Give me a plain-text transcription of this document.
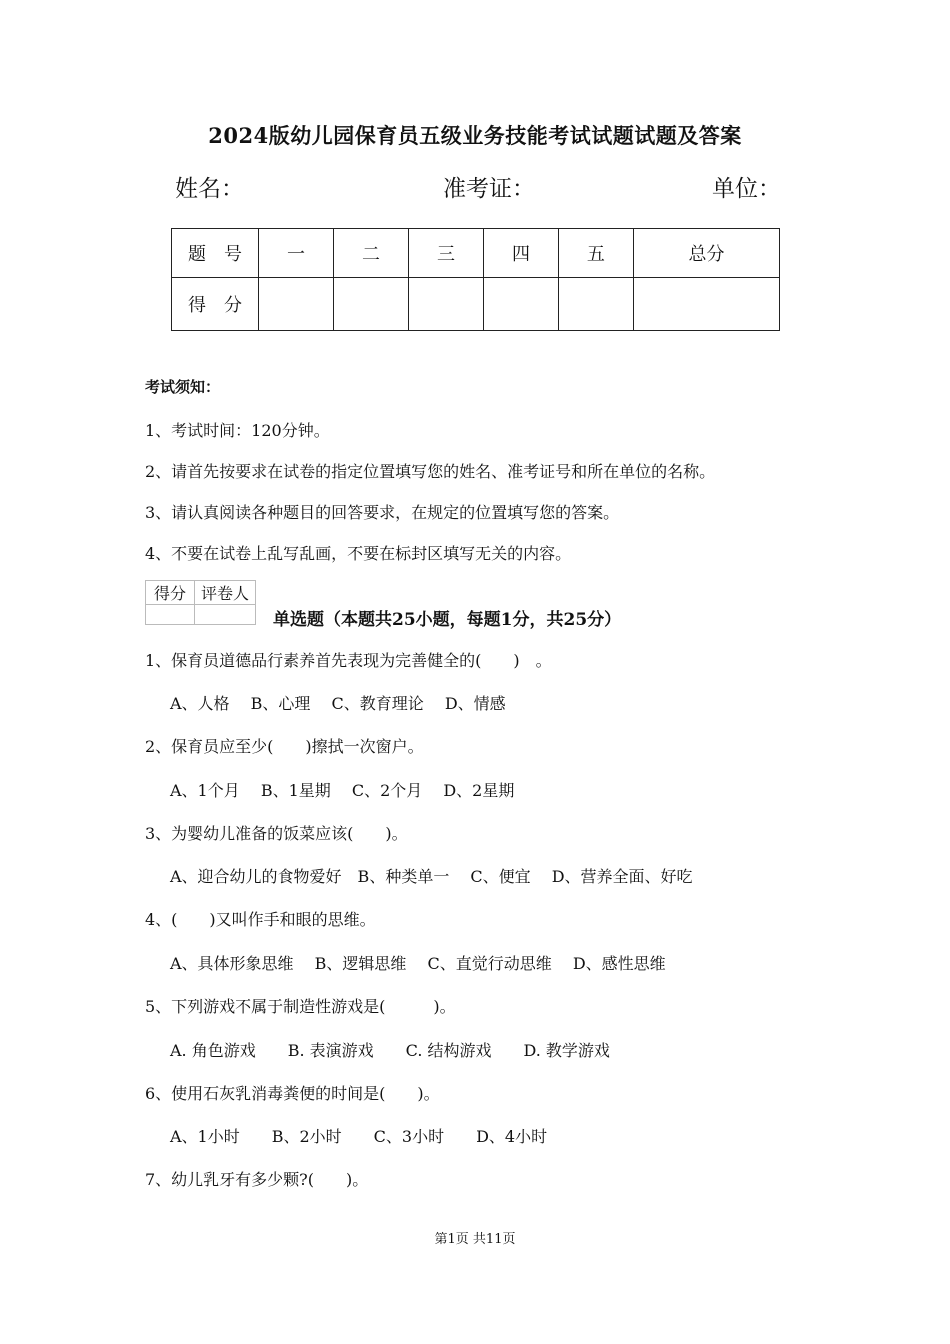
2024版幼儿园保育员五级业务技能考试试题试题及答案
姓名：	准考证：	单位：
题　号	一	二	三	四	五	总分
得　分						
考试须知：
1、考试时间：120分钟。
2、请首先按要求在试卷的指定位置填写您的姓名、准考证号和所在单位的名称。
3、请认真阅读各种题目的回答要求，在规定的位置填写您的答案。
4、不要在试卷上乱写乱画，不要在标封区填写无关的内容。
得分	评卷人

单选题（本题共25小题，每题1分，共25分）
1、保育员道德品行素养首先表现为完善健全的(　　)　。
A、人格　 B、心理　 C、教育理论　 D、情感
2、保育员应至少(　　)擦拭一次窗户。
A、1个月　 B、1星期　 C、2个月　 D、2星期
3、为婴幼儿准备的饭菜应该(　　)。
A、迎合幼儿的食物爱好　B、种类单一　 C、便宜　 D、营养全面、好吃
4、(　　)又叫作手和眼的思维。
A、具体形象思维　 B、逻辑思维　 C、直觉行动思维　 D、感性思维
5、下列游戏不属于制造性游戏是(　　　)。
A. 角色游戏　　B. 表演游戏　　C. 结构游戏　　D. 教学游戏
6、使用石灰乳消毒粪便的时间是(　　)。
A、1小时　　B、2小时　　C、3小时　　D、4小时
7、幼儿乳牙有多少颗?(　　)。
第1页 共11页
